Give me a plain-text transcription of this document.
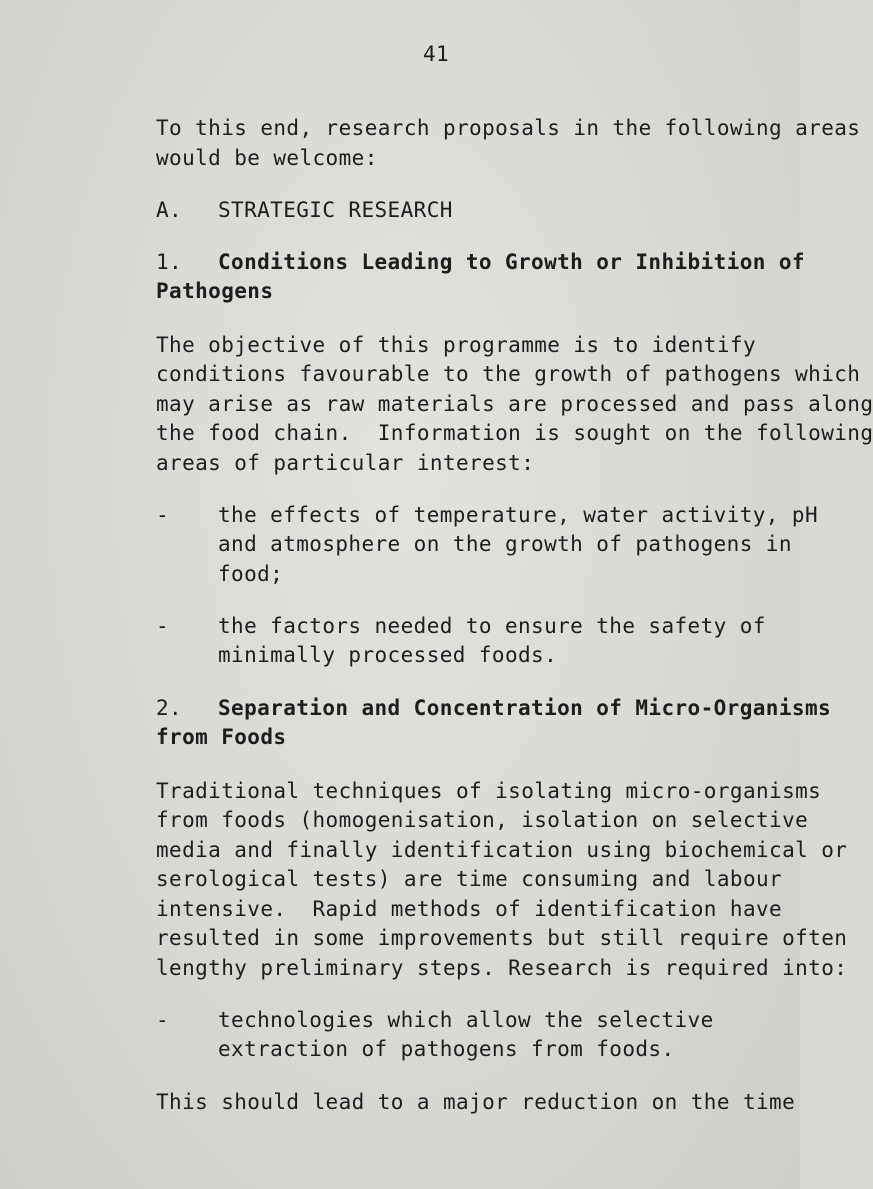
41
To this end, research proposals in the following areas
would be welcome:
A. STRATEGIC RESEARCH
1. Conditions Leading to Growth or Inhibition of
Pathogens
The objective of this programme is to identify
conditions favourable to the growth of pathogens which
may arise as raw materials are processed and pass along
the food chain.  Information is sought on the following
areas of particular interest:
- the effects of temperature, water activity, pH
and atmosphere on the growth of pathogens in
food;
- the factors needed to ensure the safety of
minimally processed foods.
2. Separation and Concentration of Micro-Organisms
from Foods
Traditional techniques of isolating micro-organisms
from foods (homogenisation, isolation on selective
media and finally identification using biochemical or
serological tests) are time consuming and labour
intensive.  Rapid methods of identification have
resulted in some improvements but still require often
lengthy preliminary steps. Research is required into:
- technologies which allow the selective
extraction of pathogens from foods.
This should lead to a major reduction on the time
